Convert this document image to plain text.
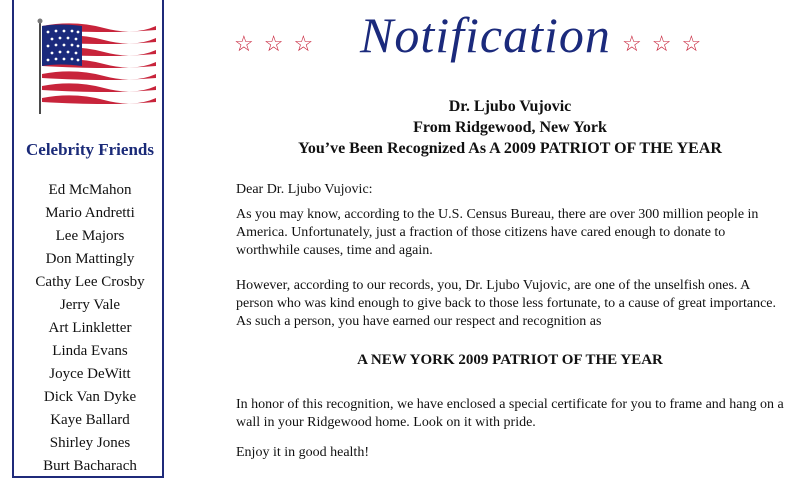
Celebrity Friends
Ed McMahon
Mario Andretti
Lee Majors
Don Mattingly
Cathy Lee Crosby
Jerry Vale
Art Linkletter
Linda Evans
Joyce DeWitt
Dick Van Dyke
Kaye Ballard
Shirley Jones
Burt Bacharach
☆☆☆ Notification ☆☆☆
Dr. Ljubo Vujovic
From Ridgewood, New York
You’ve Been Recognized As A 2009 PATRIOT OF THE YEAR
Dear Dr. Ljubo Vujovic:
As you may know, according to the U.S. Census Bureau, there are over 300 million people in America. Unfortunately, just a fraction of those citizens have cared enough to donate to worthwhile causes, time and again.
However, according to our records, you, Dr. Ljubo Vujovic, are one of the unselfish ones. A person who was kind enough to give back to those less fortunate, to a cause of great importance. As such a person, you have earned our respect and recognition as
A NEW YORK 2009 PATRIOT OF THE YEAR
In honor of this recognition, we have enclosed a special certificate for you to frame and hang on a wall in your Ridgewood home. Look on it with pride.
Enjoy it in good health!
